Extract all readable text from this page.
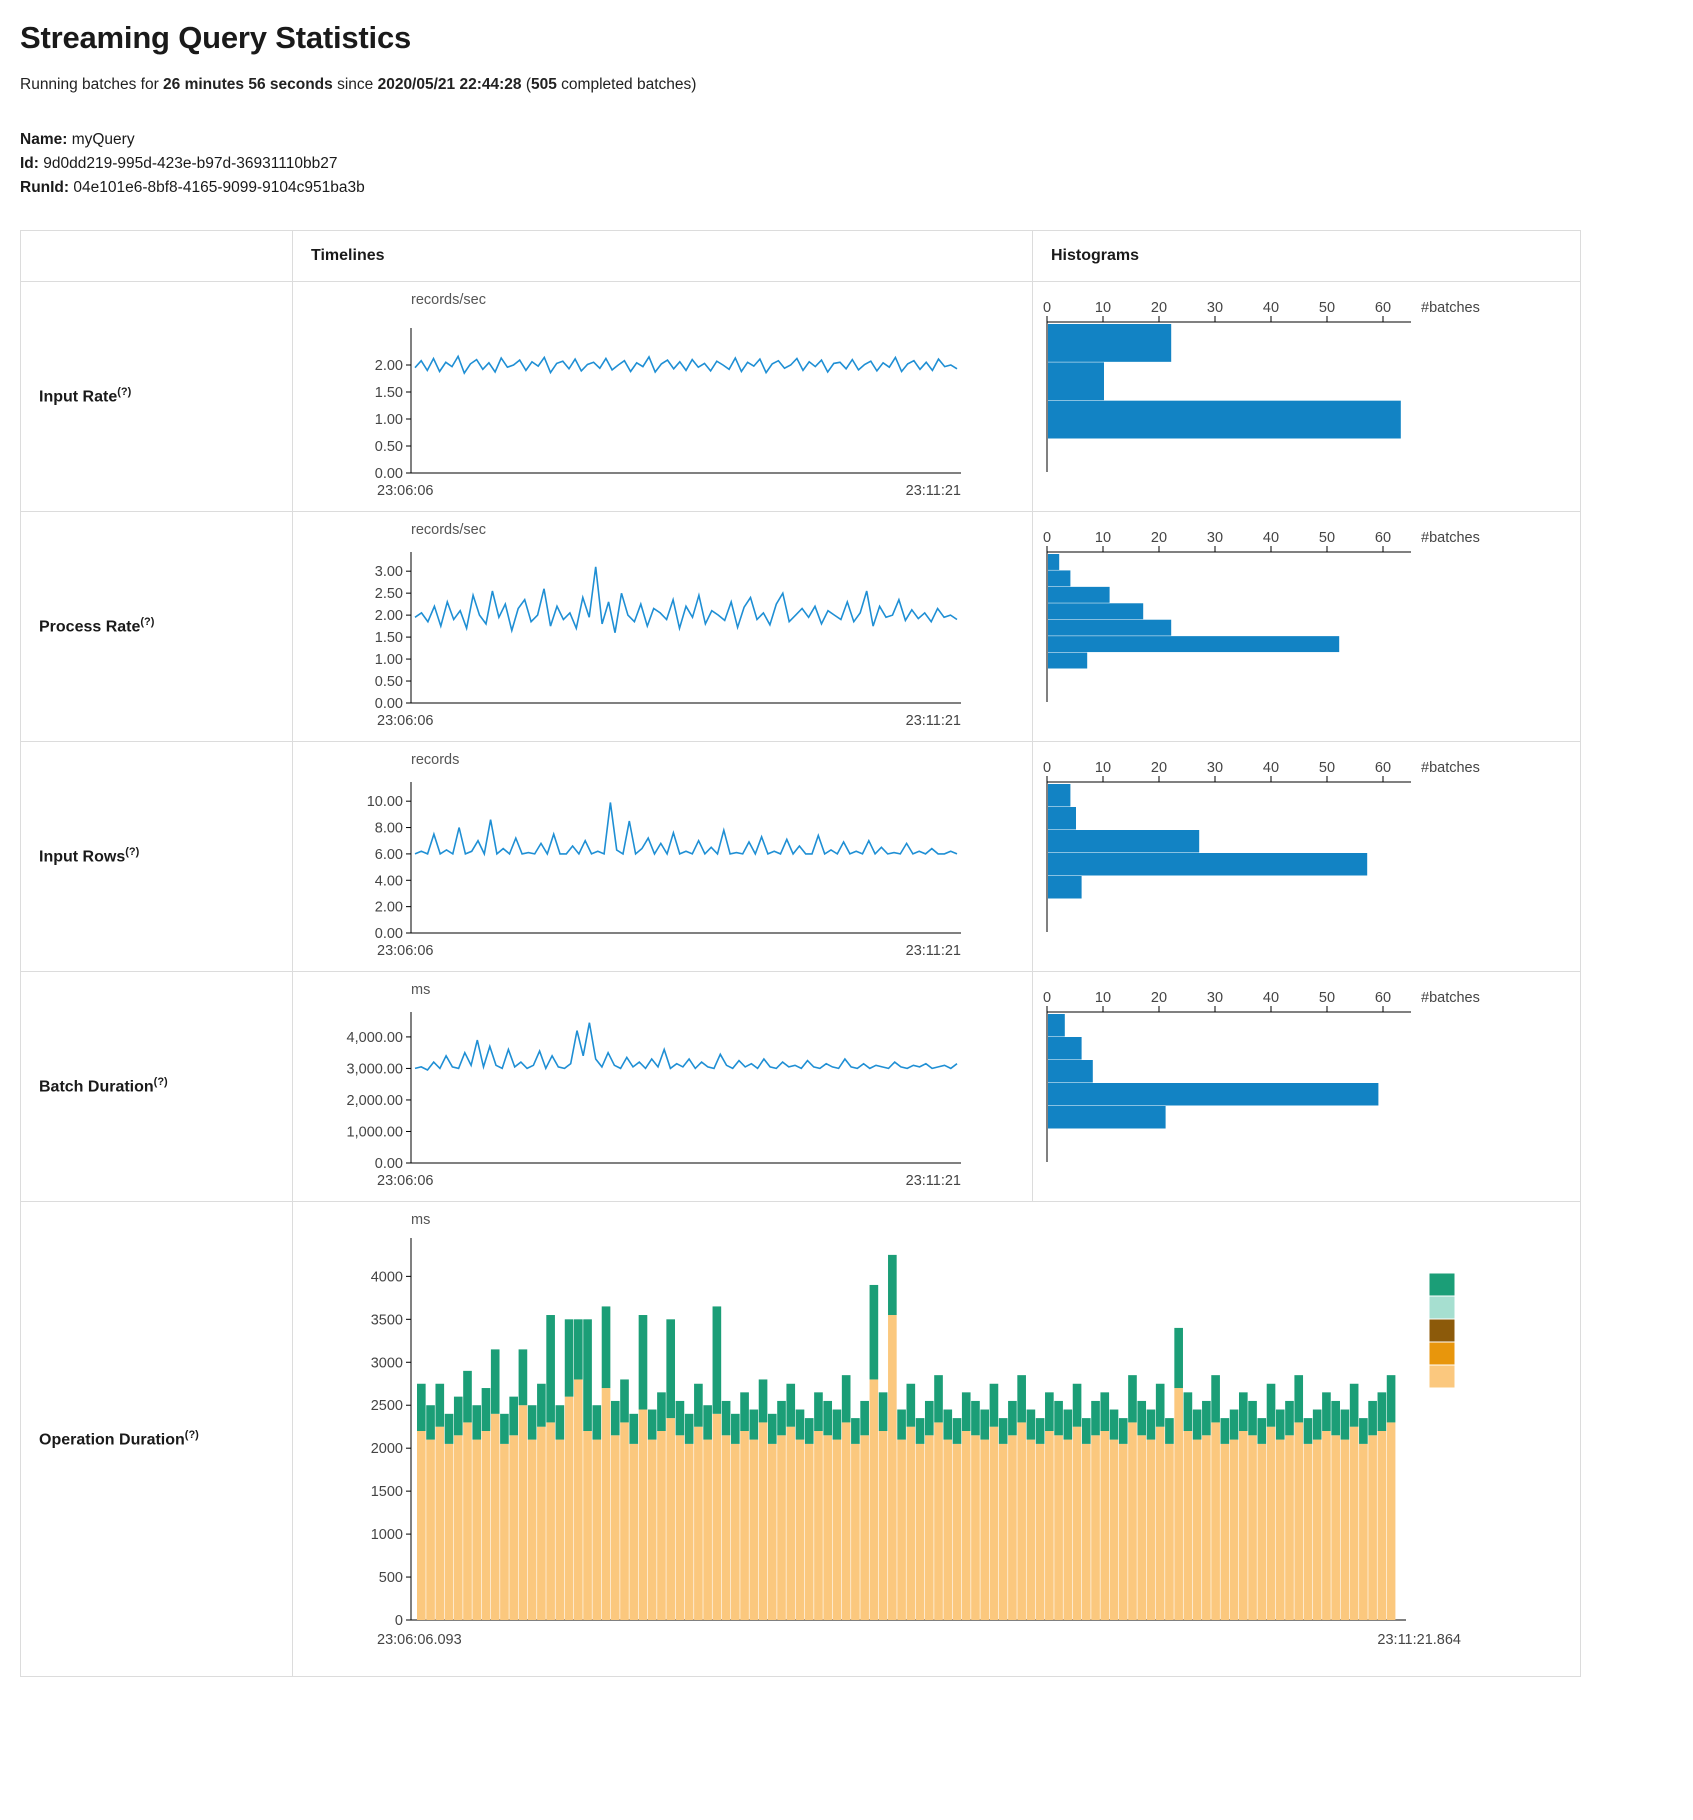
Streaming Query Statistics
Running batches for 26 minutes 56 seconds since 2020/05/21 22:44:28 (505 completed batches)
Name: myQuery
Id: 9d0dd219-995d-423e-b97d-36931110bb27
RunId: 04e101e6-8bf8-4165-9099-9104c951ba3b

	Timelines	Histograms

Input Rate(?)

records/sec
0.00
0.50
1.00
1.50
2.00
23:06:06	23:11:21

0	10	20	30	40	50	60 #batches

Process Rate(?)

records/sec
0.00
0.50
1.00
1.50
2.00
2.50
3.00
23:06:06	23:11:21

0	10	20	30	40	50	60 #batches

Input Rows(?)

records
0.00
2.00
4.00
6.00
8.00
10.00
23:06:06	23:11:21

0	10	20	30	40	50	60 #batches

Batch Duration(?)

ms
0.00
1,000.00
2,000.00
3,000.00
4,000.00
23:06:06	23:11:21

0	10	20	30	40	50	60 #batches

Operation Duration(?)

ms
0
500
1000
1500
2000
2500
3000
3500
4000
23:06:06.093	23:11:21.864
